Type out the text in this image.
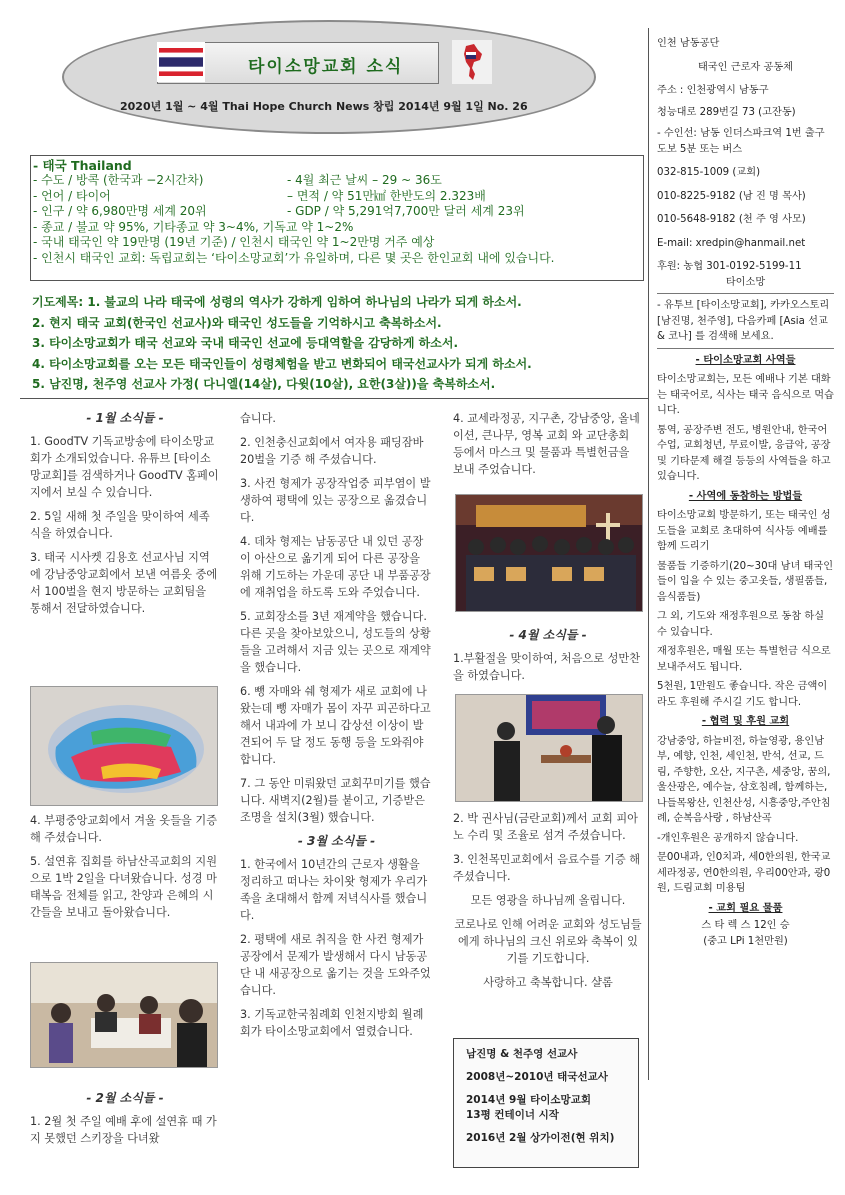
타이소망교회 소식
2020년 1월 ~ 4월 Thai Hope Church News 창립 2014년 9월 1일 No. 26
- 태국 Thailand
- 수도 / 방콕 (한국과 −2시간차)
- 언어 / 타이어
- 인구 / 약 6,980만명 세계 20위
- 종교 / 불교 약 95%, 기타종교 약 3~4%, 기독교 약 1~2%
- 국내 태국인 약 19만명 (19년 기준) / 인천시 태국인 약 1~2만명 거주 예상
- 인천시 태국인 교회: 독립교회는 ‘타이소망교회’가 유일하며, 다른 몇 곳은 한인교회 내에 있습니다.
- 4월 최근 날씨 – 29 ~ 36도
– 면적 / 약 51만㎢ 한반도의 2.323배
- GDP / 약 5,291억7,700만 달러 세계 23위
기도제목: 1. 불교의 나라 태국에 성령의 역사가 강하게 임하여 하나님의 나라가 되게 하소서.
2. 현지 태국 교회(한국인 선교사)와 태국인 성도들을 기억하시고 축복하소서.
3. 타이소망교회가 태국 선교와 국내 태국인 선교에 등대역할을 감당하게 하소서.
4. 타이소망교회를 오는 모든 태국인들이 성령체험을 받고 변화되어 태국선교사가 되게 하소서.
5. 남진명, 천주영 선교사 가정( 다니엘(14살), 다윗(10살), 요한(3살))을 축복하소서.
- 1월 소식들 -

1. GoodTV 기독교방송에 타이소망교회가 소개되었습니다. 유튜브 [타이소망교회]를 검색하거나 GoodTV 홈페이지에서 보실 수 있습니다.

2. 5일 새해 첫 주일을 맞이하여 세족식을 하였습니다.

3. 태국 시사켓 김용호 선교사님 지역에 강남중앙교회에서 보낸 여름옷 중에서 100벌을 현지 방문하는 교회팀을 통해서 전달하였습니다.

4. 부평중앙교회에서 겨울 옷들을 기증 해 주셨습니다.

5. 설연휴 집회를 하남산곡교회의 지원으로 1박 2일을 다녀왔습니다. 성경 마태복음 전체를 읽고, 찬양과 은혜의 시간들을 보내고 돌아왔습니다.

- 2월 소식들 -

1. 2월 첫 주일 예배 후에 설연휴 때 가지 못했던 스키장을 다녀왔

습니다.

2. 인천충신교회에서 여자용 패딩잠바 20벌을 기증 해 주셨습니다.

3. 사컨 형제가 공장작업중 피부염이 발생하여 평택에 있는 공장으로 옮겼습니다.

4. 데차 형제는 남동공단 내 있던 공장이 아산으로 옮기게 되어 다른 공장을 위해 기도하는 가운데 공단 내 부품공장에 재취업을 하도록 도와 주었습니다.

5. 교회장소를 3년 재계약을 했습니다. 다른 곳을 찾아보았으니, 성도들의 상황들을 고려해서 지금 있는 곳으로 재계약을 했습니다.

6. 뺑 자매와 쉐 형제가 새로 교회에 나왔는데 뺑 자매가 몸이 자꾸 피곤하다고 해서 내과에 가 보니 갑상선 이상이 발견되어 두 달 정도 동행 등을 도와줘야 합니다.

7. 그 동안 미뤄왔던 교회꾸미기를 했습니다. 새벽지(2월)를 붙이고, 기증받은 조명을 설치(3월) 했습니다.

- 3월 소식들 -

1. 한국에서 10년간의 근로자 생활을 정리하고 떠나는 차이왓 형제가 우리가족을 초대해서 함께 저녁식사를 했습니다.

2. 평택에 새로 취직을 한 사컨 형제가 공장에서 문제가 발생해서 다시 남동공단 내 새공장으로 옮기는 것을 도와주었습니다.

3. 기독교한국침례회 인천지방회 월례회가 타이소망교회에서 열렸습니다.

4. 교세라정공, 지구촌, 강남중앙, 올네이션, 큰나무, 영복 교회 와 교단총회 등에서 마스크 및 물품과 특별헌금을 보내 주었습니다.

- 4월 소식들 -

1.부활절을 맞이하여, 처음으로 성만찬을 하였습니다.

2. 박 권사님(금란교회)께서 교회 피아노 수리 및 조율로 섬겨 주셨습니다.

3. 인천목민교회에서 음료수를 기증 해 주셨습니다.

모든 영광을 하나님께 올립니다.

코로나로 인해 어려운 교회와 성도님들에게 하나님의 크신 위로와 축복이 있기를 기도합니다.

사랑하고 축복합니다. 샬롬

남진명 & 천주영 선교사
2008년~2010년 태국선교사
2014년 9월 타이소망교회
13평 컨테이너 시작
2016년 2월 상가이전(현 위치)
인천 남동공단
태국인 근로자 공동체
주소 : 인천광역시 남동구
청능대로 289번길 73 (고잔동)
- 수인선: 남동 인더스파크역 1번 출구 도보 5분 또는 버스
032-815-1009 (교회)
010-8225-9182 (남 진 명 목사)
010-5648-9182 (천 주 영 사모)
E-mail: xredpin@hanmail.net
후원: 농협 301-0192-5199-11
타이소망
- 유투브 [타이소망교회], 카카오스토리 [남진명, 천주영], 다음카페 [Asia 선교 & 코나] 를 검색해 보세요.
- 타이소망교회 사역들
타이소망교회는, 모든 예배나 기본 대화는 태국어로, 식사는 태국 음식으로 먹습니다.
통역, 공장주변 전도, 병원안내, 한국어수업, 교회청년, 무료이발, 응급악, 공장 및 기타문제 해결 등등의 사역들을 하고 있습니다.
- 사역에 동참하는 방법들
타이소망교회 방문하기, 또는 태국인 성도들을 교회로 초대하여 식사등 예배를 함께 드리기
물품들 기증하기(20~30대 남녀 태국인들이 입을 수 있는 중고옷들, 생필품들, 음식품들)
그 외, 기도와 재정후원으로 동참 하실 수 있습니다.
재정후원은, 매월 또는 특별헌금 식으로 보내주셔도 됩니다.
5천원, 1만원도 좋습니다. 작은 금액이라도 후원해 주시길 기도 합니다.
- 협력 및 후원 교회
강남중앙, 하늘비전, 하늘영광, 용인남부, 예향, 인천, 세인천, 반석, 선교, 드림, 주향한, 오산, 지구촌, 세중앙, 꿈의, 울산광은, 예수늘, 삼호침례, 함께하는, 나들목왕산, 인천산성, 시흥중앙,주안침례, 순복음사랑 , 하남산곡
-개인후원은 공개하지 않습니다.
문00내과, 인0치과, 세0한의원, 한국교세라정공, 연0한의원, 우리00안과, 광0원, 드림교회 미용팀
- 교회 필요 물품
스 타 렉 스 12인 승
(중고 LPi 1천만원)
